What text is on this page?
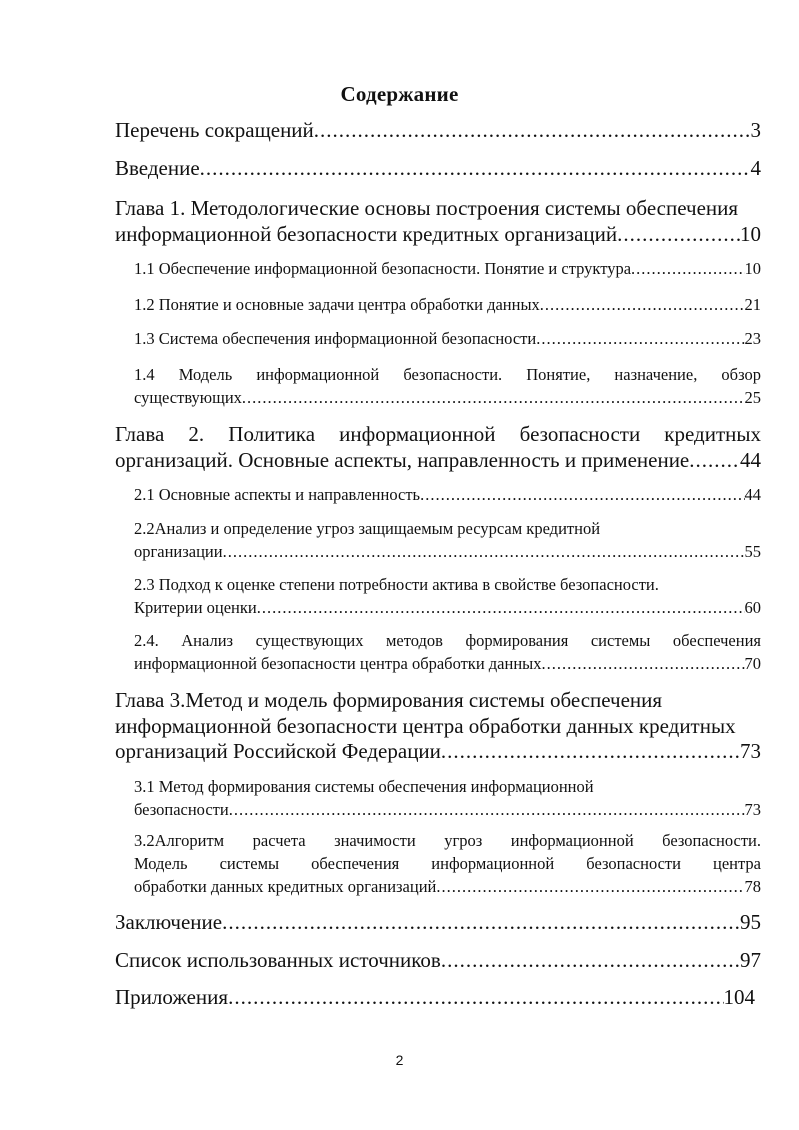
Содержание
Перечень сокращений .....	3
Введение .....	4
Глава 1. Методологические основы построения системы обеспечения
информационной безопасности кредитных организаций .....	10
1.1 Обеспечение информационной безопасности. Понятие и структура .....	10
1.2 Понятие и основные задачи центра обработки данных .....	21
1.3 Система обеспечения информационной безопасности .....	23
1.4 Модель информационной безопасности. Понятие, назначение, обзор
существующих .....	25
Глава 2. Политика информационной безопасности кредитных
организаций. Основные аспекты, направленность и применение ..... 44
2.1 Основные аспекты и направленность .....	44
2.2Анализ и определение угроз защищаемым ресурсам кредитной
организации .....	55
2.3 Подход к оценке степени потребности актива в свойстве безопасности.
Критерии оценки .....	60
2.4. Анализ существующих методов формирования системы обеспечения
информационной безопасности центра обработки данных .....	70
Глава 3.Метод и модель формирования системы обеспечения
информационной безопасности центра обработки данных кредитных
организаций Российской Федерации .....	73
3.1 Метод формирования системы обеспечения информационной
безопасности .....	73
3.2Алгоритм расчета значимости угроз информационной безопасности.
Модель системы обеспечения информационной безопасности центра
обработки данных кредитных организаций .....	78
Заключение .....	95
Список использованных источников .....	97
Приложения .....	104
2
